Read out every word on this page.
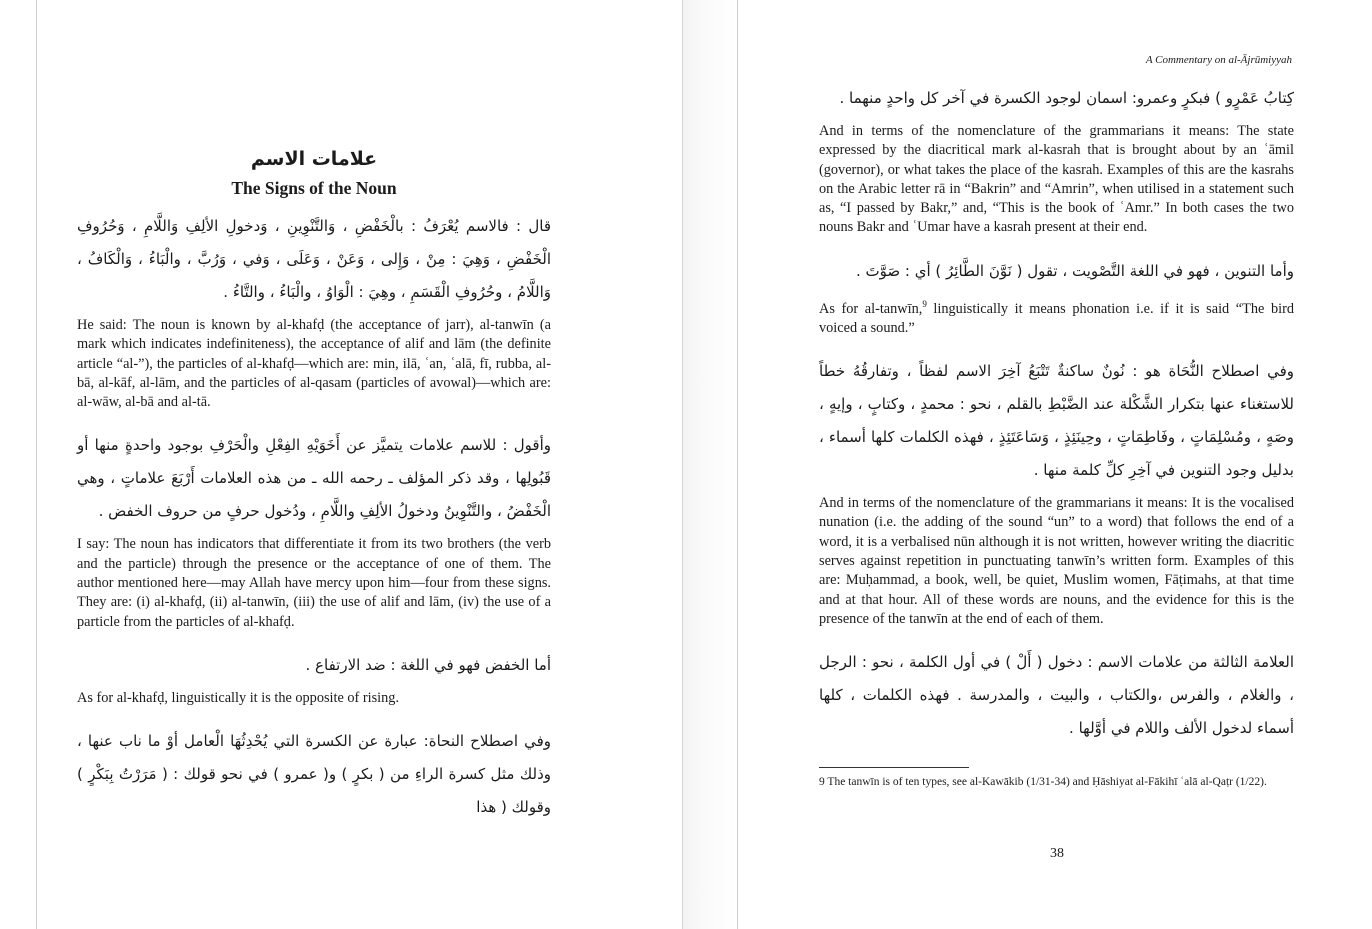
علامات الاسم
The Signs of the Noun

قال : فالاسم يُعْرَفُ : بالْخَفْضِ ، وَالتَّنْوِينِ ، وَدخولِ الألِفِ وَاللَّامِ ، وَحُرُوفِ الْخَفْضِ ، وَهِيَ : مِنْ ، وَإِلى ، وَعَنْ ، وَعَلَى ، وَفي ، وَرُبَّ ، والْبَاءُ ، وَالْكَافُ ، وَاللَّامُ ، وحُرُوفِ الْقَسَمِ ، وهِيَ : الْوَاوُ ، والْبَاءُ ، والتَّاءُ .

He said: The noun is known by al-khafḍ (the acceptance of jarr), al-tanwīn (a mark which indicates indefiniteness), the acceptance of alif and lām (the definite article “al-”), the particles of al-khafḍ—which are: min, ilā, ʿan, ʿalā, fī, rubba, al-bā, al-kāf, al-lām, and the particles of al-qasam (particles of avowal)—which are: al-wāw, al-bā and al-tā.

وأقول : للاسم علامات يتميَّز عن أَخَوَيْهِ الفِعْلِ والْحَرْفِ بوجود واحدةٍ منها أو قَبُولِها ، وقد ذكر المؤلف ـ رحمه الله ـ من هذه العلامات أَرْبَعَ علاماتٍ ، وهي الْخَفْضُ ، والتَّنْوِينُ ودخولُ الألِفِ واللَّامِ ، ودُخول حرفٍ من حروف الخفض .

I say: The noun has indicators that differentiate it from its two brothers (the verb and the particle) through the presence or the acceptance of one of them. The author mentioned here—may Allah have mercy upon him—four from these signs. They are: (i) al-khafḍ, (ii) al-tanwīn, (iii) the use of alif and lām, (iv) the use of a particle from the particles of al-khafḍ.

أما الخفض فهو في اللغة : ضد الارتفاع .

As for al-khafḍ, linguistically it is the opposite of rising.

وفي اصطلاح النحاة: عبارة عن الكسرة التي يُحْدِثُهَا الْعامل أوْ ما ناب عنها ، وذلك مثل كسرة الراءِ من ( بكرٍ ) و( عمرو ) في نحو قولك : ( مَرَرْتُ بِبَكْرٍ ) وقولك ( هذا

A Commentary on al-Ājrūmiyyah

كِتابُ عَمْرٍو ) فبكرٍ وعمرو: اسمان لوجود الكسرة في آخر كل واحدٍ منهما .

And in terms of the nomenclature of the grammarians it means: The state expressed by the diacritical mark al-kasrah that is brought about by an ʿāmil (governor), or what takes the place of the kasrah. Examples of this are the kasrahs on the Arabic letter rā in “Bakrin” and “Amrin”, when utilised in a statement such as, “I passed by Bakr,” and, “This is the book of ʿAmr.” In both cases the two nouns Bakr and ʿUmar have a kasrah present at their end.

وأما التنوين ، فهو في اللغة التَّصْويت ، تقول ( نَوَّنَ الطَّائِرُ ) أي : صَوَّتَ .

As for al-tanwīn,$^9$ linguistically it means phonation i.e. if it is said “The bird voiced a sound.”

وفي اصطلاح النُّحَاة هو : نُونٌ ساكنةٌ تَتْبَعُ آخِرَ الاسم لفظاً ، وتفارقُهُ خطاً للاستغناء عنها بتكرار الشَّكْلة عند الضَّبْطِ بالقلم ، نحو : محمدٍ ، وكتابٍ ، وإيهٍ ، وصَهٍ ، ومُسْلِمَاتٍ ، وفَاطِمَاتٍ ، وحِينَئِذٍ ، وَسَاعَتَئِذٍ ، فهذه الكلمات كلها أسماء ، بدليل وجود التنوين في آخِرِ كلِّ كلمة منها .

And in terms of the nomenclature of the grammarians it means: It is the vocalised nunation (i.e. the adding of the sound “un” to a word) that follows the end of a word, it is a verbalised nūn although it is not written, however writing the diacritic serves against repetition in punctuating tanwīn’s written form. Examples of this are: Muḥammad, a book, well, be quiet, Muslim women, Fāṭimahs, at that time and at that hour. All of these words are nouns, and the evidence for this is the presence of the tanwīn at the end of each of them.

العلامة الثالثة من علامات الاسم : دخول ( أَلْ ) في أول الكلمة ، نحو : الرجل ، والغلام ، والفرس ،والكتاب ، والبيت ، والمدرسة . فهذه الكلمات ، كلها أسماء لدخول الألف واللام في أوَّلها .

9 The tanwīn is of ten types, see al-Kawākib (1/31-34) and Ḥāshiyat al-Fākihī ʿalā al-Qaṭr (1/22).

38
